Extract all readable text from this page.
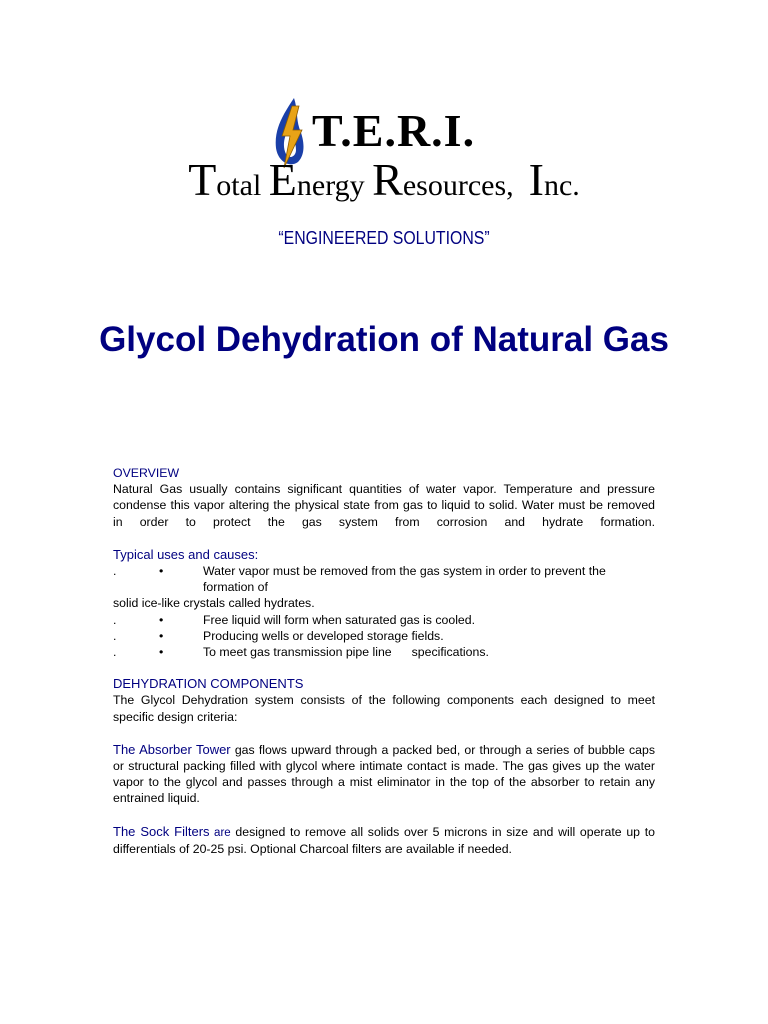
T.E.R.I.
Total Energy Resources, Inc.
“ENGINEERED SOLUTIONS”
Glycol Dehydration of Natural Gas
OVERVIEW

Natural Gas usually contains significant quantities of water vapor. Temperature and pressure condense this vapor altering the physical state from gas to liquid to solid. Water must be removed in order to protect the gas system from corrosion and hydrate formation.

Typical uses and causes:
.	•	Water vapor must be removed from the gas system in order to prevent the formation of
solid ice-like crystals called hydrates.
.	•	Free liquid will form when saturated gas is cooled.
.	•	Producing wells or developed storage fields.
.	•	To meet gas transmission pipe line specifications.
DEHYDRATION COMPONENTS

The Glycol Dehydration system consists of the following components each designed to meet specific design criteria:

The Absorber Tower gas flows upward through a packed bed, or through a series of bubble caps or structural packing filled with glycol where intimate contact is made. The gas gives up the water vapor to the glycol and passes through a mist eliminator in the top of the absorber to retain any entrained liquid.

The Sock Filters are designed to remove all solids over 5 microns in size and will operate up to differentials of 20-25 psi. Optional Charcoal filters are available if needed.
